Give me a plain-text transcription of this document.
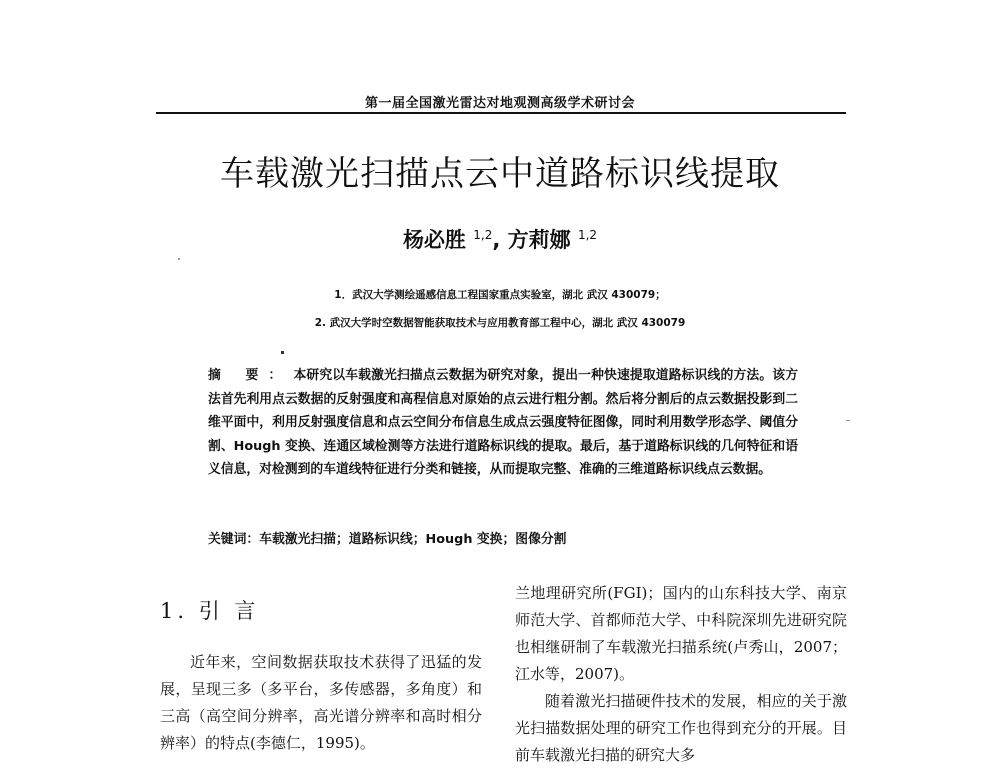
第一届全国激光雷达对地观测高级学术研讨会
车载激光扫描点云中道路标识线提取
杨必胜 $^{1,2}$, 方莉娜 $^{1,2}$
1．武汉大学测绘遥感信息工程国家重点实验室，湖北 武汉 430079；
2. 武汉大学时空数据智能获取技术与应用教育部工程中心，湖北 武汉 430079
摘 要： 本研究以车载激光扫描点云数据为研究对象，提出一种快速提取道路标识线的方法。该方法首先利用点云数据的反射强度和高程信息对原始的点云进行粗分割。然后将分割后的点云数据投影到二维平面中，利用反射强度信息和点云空间分布信息生成点云强度特征图像，同时利用数学形态学、阈值分割、Hough 变换、连通区域检测等方法进行道路标识线的提取。最后，基于道路标识线的几何特征和语义信息，对检测到的车道线特征进行分类和链接，从而提取完整、准确的三维道路标识线点云数据。
关键词：车载激光扫描；道路标识线；Hough 变换；图像分割
1. 引 言
近年来，空间数据获取技术获得了迅猛的发展，呈现三多（多平台，多传感器，多角度）和三高（高空间分辨率，高光谱分辨率和高时相分辨率）的特点(李德仁，1995)。
兰地理研究所(FGI)；国内的山东科技大学、南京师范大学、首都师范大学、中科院深圳先进研究院也相继研制了车载激光扫描系统(卢秀山，2007；江水等，2007)。
随着激光扫描硬件技术的发展，相应的关于激光扫描数据处理的研究工作也得到充分的开展。目前车载激光扫描的研究大多
